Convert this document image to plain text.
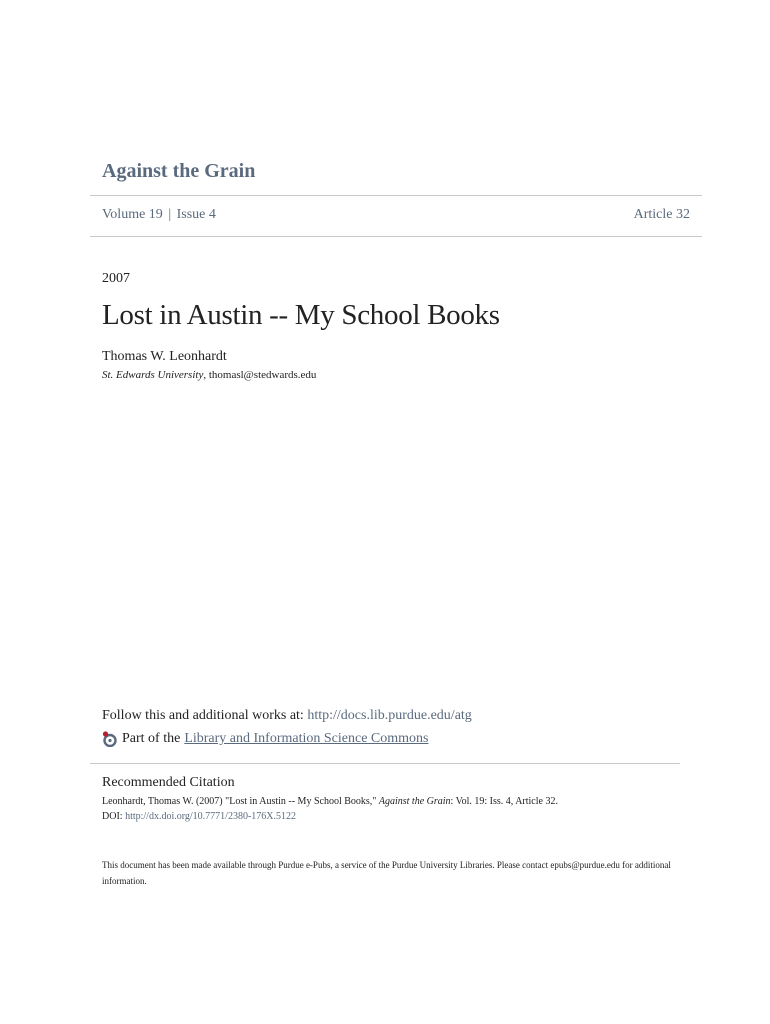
Against the Grain
Volume 19 | Issue 4	Article 32
2007
Lost in Austin -- My School Books
Thomas W. Leonhardt
St. Edwards University, thomasl@stedwards.edu
Follow this and additional works at: http://docs.lib.purdue.edu/atg
Part of the Library and Information Science Commons
Recommended Citation
Leonhardt, Thomas W. (2007) "Lost in Austin -- My School Books," Against the Grain: Vol. 19: Iss. 4, Article 32.
DOI: http://dx.doi.org/10.7771/2380-176X.5122
This document has been made available through Purdue e-Pubs, a service of the Purdue University Libraries. Please contact epubs@purdue.edu for additional information.
